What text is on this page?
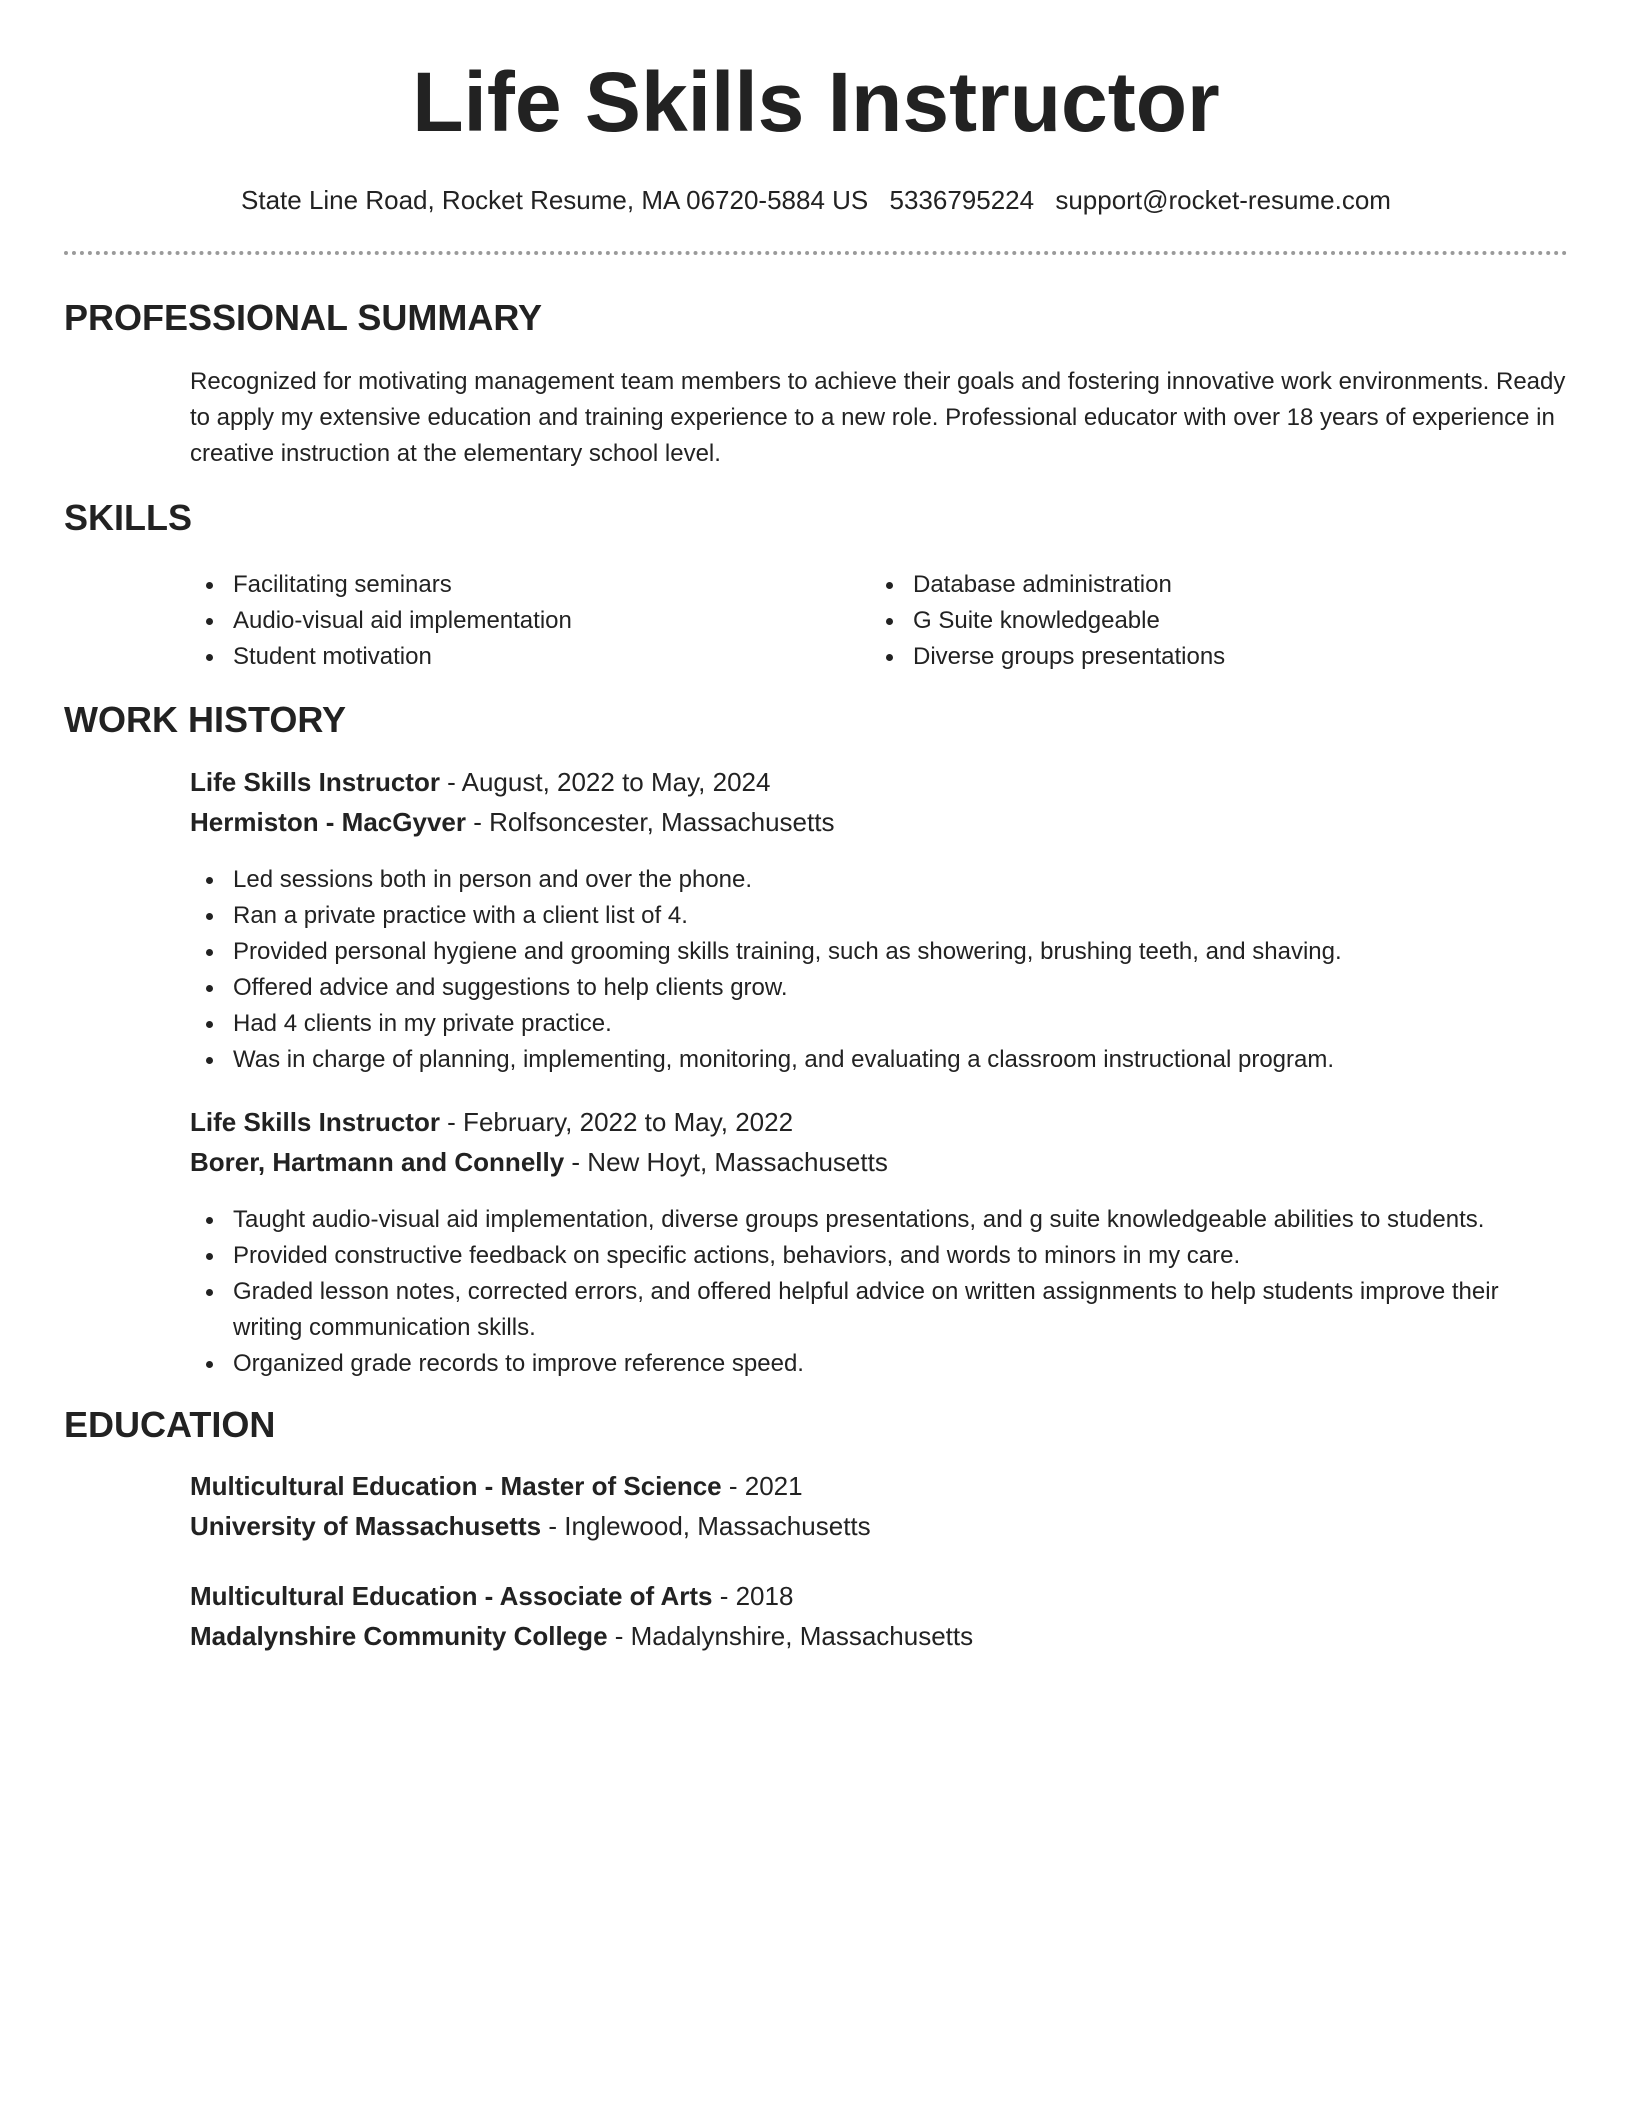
Life Skills Instructor
State Line Road, Rocket Resume, MA 06720-5884 US 5336795224 support@rocket-resume.com
PROFESSIONAL SUMMARY

Recognized for motivating management team members to achieve their goals and fostering innovative work environments. Ready to apply my extensive education and training experience to a new role. Professional educator with over 18 years of experience in creative instruction at the elementary school level.

SKILLS
Facilitating seminars
Audio-visual aid implementation
Student motivation
Database administration
G Suite knowledgeable
Diverse groups presentations
WORK HISTORY
Life Skills Instructor - August, 2022 to May, 2024
Hermiston - MacGyver - Rolfsoncester, Massachusetts
Led sessions both in person and over the phone.
Ran a private practice with a client list of 4.
Provided personal hygiene and grooming skills training, such as showering, brushing teeth, and shaving.
Offered advice and suggestions to help clients grow.
Had 4 clients in my private practice.
Was in charge of planning, implementing, monitoring, and evaluating a classroom instructional program.
Life Skills Instructor - February, 2022 to May, 2022
Borer, Hartmann and Connelly - New Hoyt, Massachusetts
Taught audio-visual aid implementation, diverse groups presentations, and g suite knowledgeable abilities to students.
Provided constructive feedback on specific actions, behaviors, and words to minors in my care.
Graded lesson notes, corrected errors, and offered helpful advice on written assignments to help students improve their writing communication skills.
Organized grade records to improve reference speed.
EDUCATION
Multicultural Education - Master of Science - 2021
University of Massachusetts - Inglewood, Massachusetts
Multicultural Education - Associate of Arts - 2018
Madalynshire Community College - Madalynshire, Massachusetts
